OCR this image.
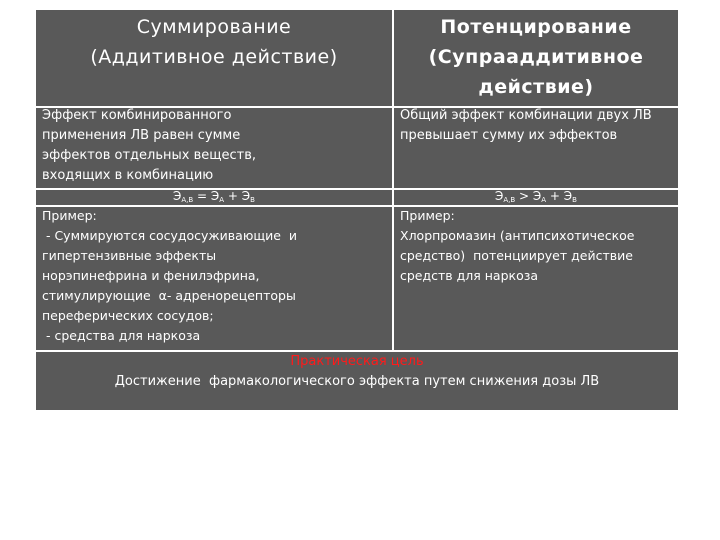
Суммирование
(Аддитивное действие)
Потенцирование
(Супрааддитивное
действие)
Эффект комбинированного
применения ЛВ равен сумме
эффектов отдельных веществ,
входящих в комбинацию
Общий эффект комбинации двух ЛВ
превышает сумму их эффектов
$Э_{A,B} = Э_A + Э_B$	$Э_{A,B} > Э_A + Э_B$
Пример:
- Суммируются сосудосуживающие  и
гипертензивные эффекты
норэпинефрина и фенилэфрина,
стимулирующие  α- адренорецепторы
переферических сосудов;
- средства для наркоза
Пример:
Хлорпромазин (антипсихотическое
средство)  потенциирует действие
средств для наркоза
Практическая цель
Достижение  фармакологического эффекта путем снижения дозы ЛВ
